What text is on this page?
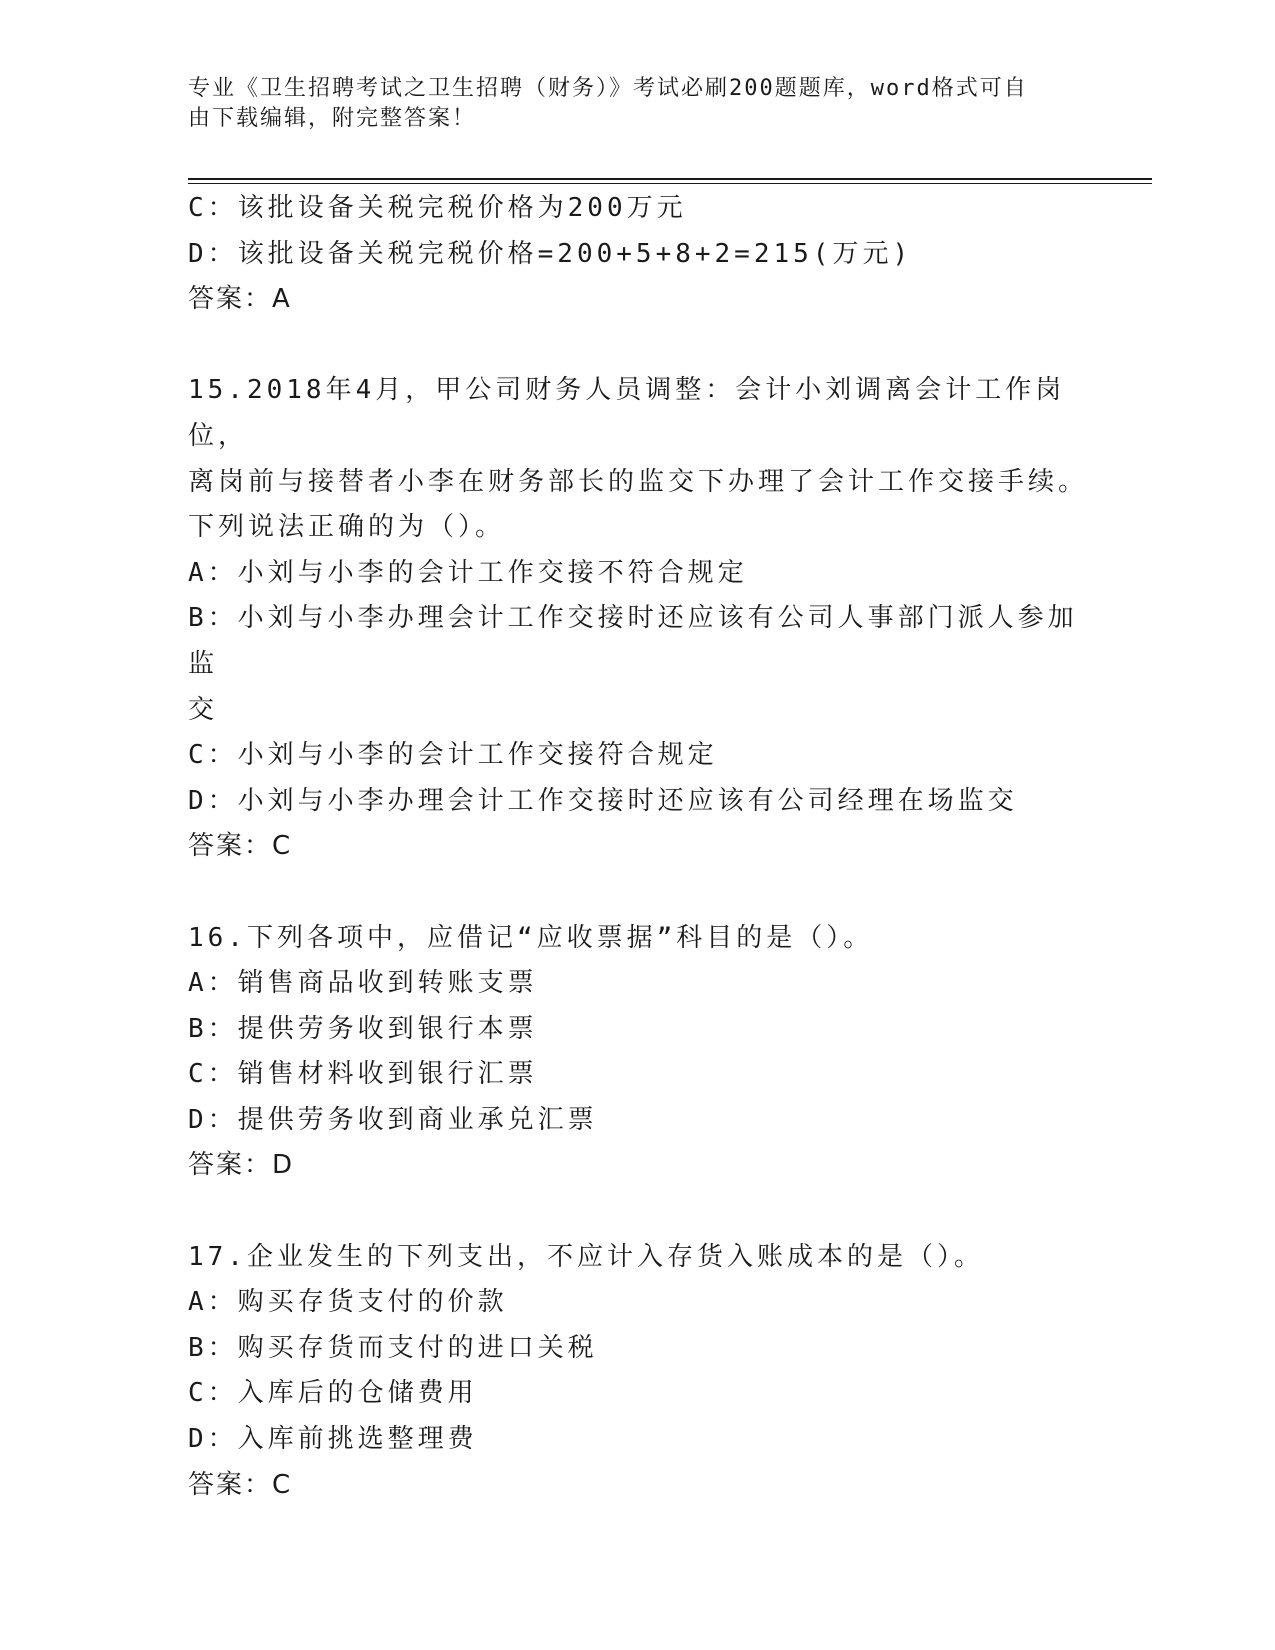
专业《卫生招聘考试之卫生招聘（财务）》考试必刷200题题库，word格式可自
由下载编辑，附完整答案！
C：该批设备关税完税价格为200万元
D：该批设备关税完税价格=200+5+8+2=215(万元)
答案：A
15.2018年4月，甲公司财务人员调整：会计小刘调离会计工作岗位，
离岗前与接替者小李在财务部长的监交下办理了会计工作交接手续。
下列说法正确的为（）。
A：小刘与小李的会计工作交接不符合规定
B：小刘与小李办理会计工作交接时还应该有公司人事部门派人参加监
交
C：小刘与小李的会计工作交接符合规定
D：小刘与小李办理会计工作交接时还应该有公司经理在场监交
答案：C
16.下列各项中，应借记“应收票据”科目的是（）。
A：销售商品收到转账支票
B：提供劳务收到银行本票
C：销售材料收到银行汇票
D：提供劳务收到商业承兑汇票
答案：D
17.企业发生的下列支出，不应计入存货入账成本的是（）。
A：购买存货支付的价款
B：购买存货而支付的进口关税
C：入库后的仓储费用
D：入库前挑选整理费
答案：C
